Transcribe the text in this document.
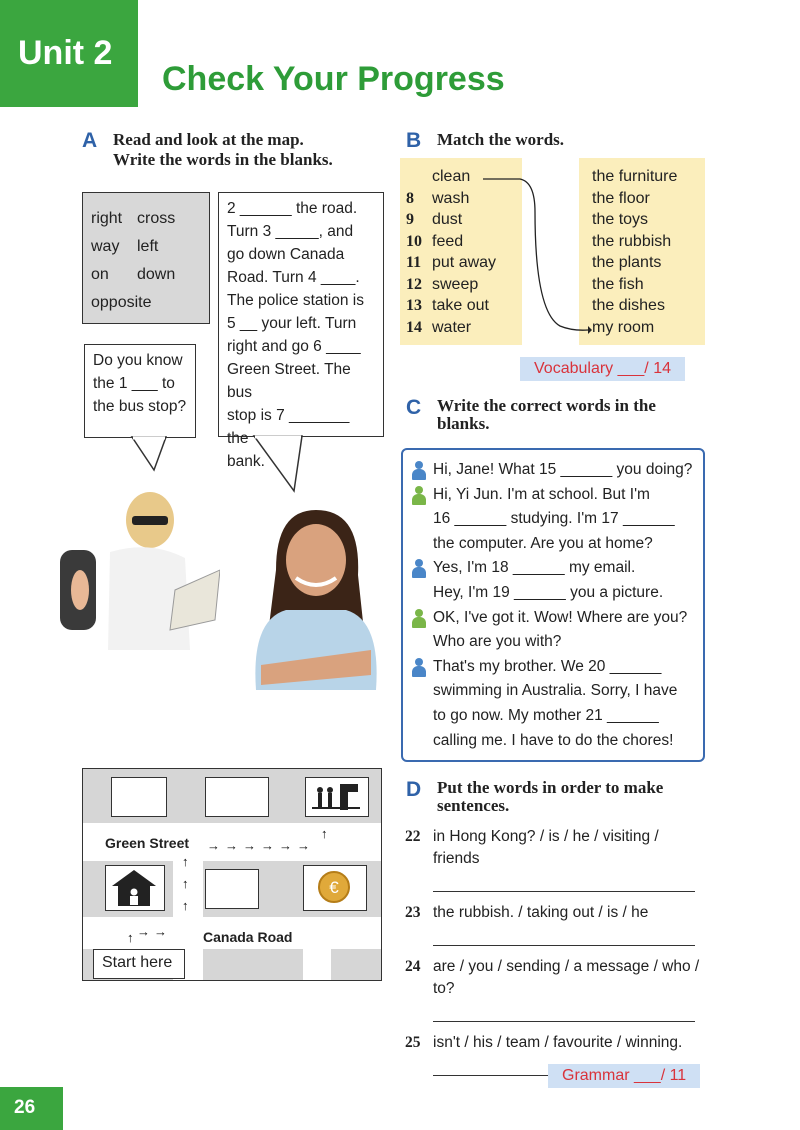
Unit 2
Check Your Progress
A Read and look at the map.
Write the words in the blanks.
right cross
way	left
on	down
opposite
Do you know
the 1 ___ to
the bus stop?
2 ______ the road.
Turn 3 _____, and
go down Canada
Road. Turn 4 ____.
The police station is
5 __ your left. Turn
right and go 6 ____
Green Street. The bus
stop is 7 _______ the
bank.
Green Street
€
Canada Road
Start here
→→→→→→
↑
↑
↑
↑
↑ →→
B Match the words.
clean
8 wash
9 dust
10 feed
11 put away
12 sweep
13 take out
14 water
the furniture
the floor
the toys
the rubbish
the plants
the fish
the dishes
my room
Vocabulary ___/ 14
C Write the correct words in the
blanks.
Hi, Jane! What 15 ______ you doing?
Hi, Yi Jun. I'm at school. But I'm
16 ______ studying. I'm 17 ______
the computer. Are you at home?
Yes, I'm 18 ______ my email.
Hey, I'm 19 ______ you a picture.
OK, I've got it. Wow! Where are you?
Who are you with?
That's my brother. We 20 ______
swimming in Australia. Sorry, I have
to go now. My mother 21 ______
calling me. I have to do the chores!
D Put the words in order to make
sentences.
22 in Hong Kong? / is / he / visiting /
friends
23 the rubbish. / taking out / is / he
24 are / you / sending / a message / who /
to?
25 isn't / his / team / favourite / winning.
Grammar ___/ 11
26
